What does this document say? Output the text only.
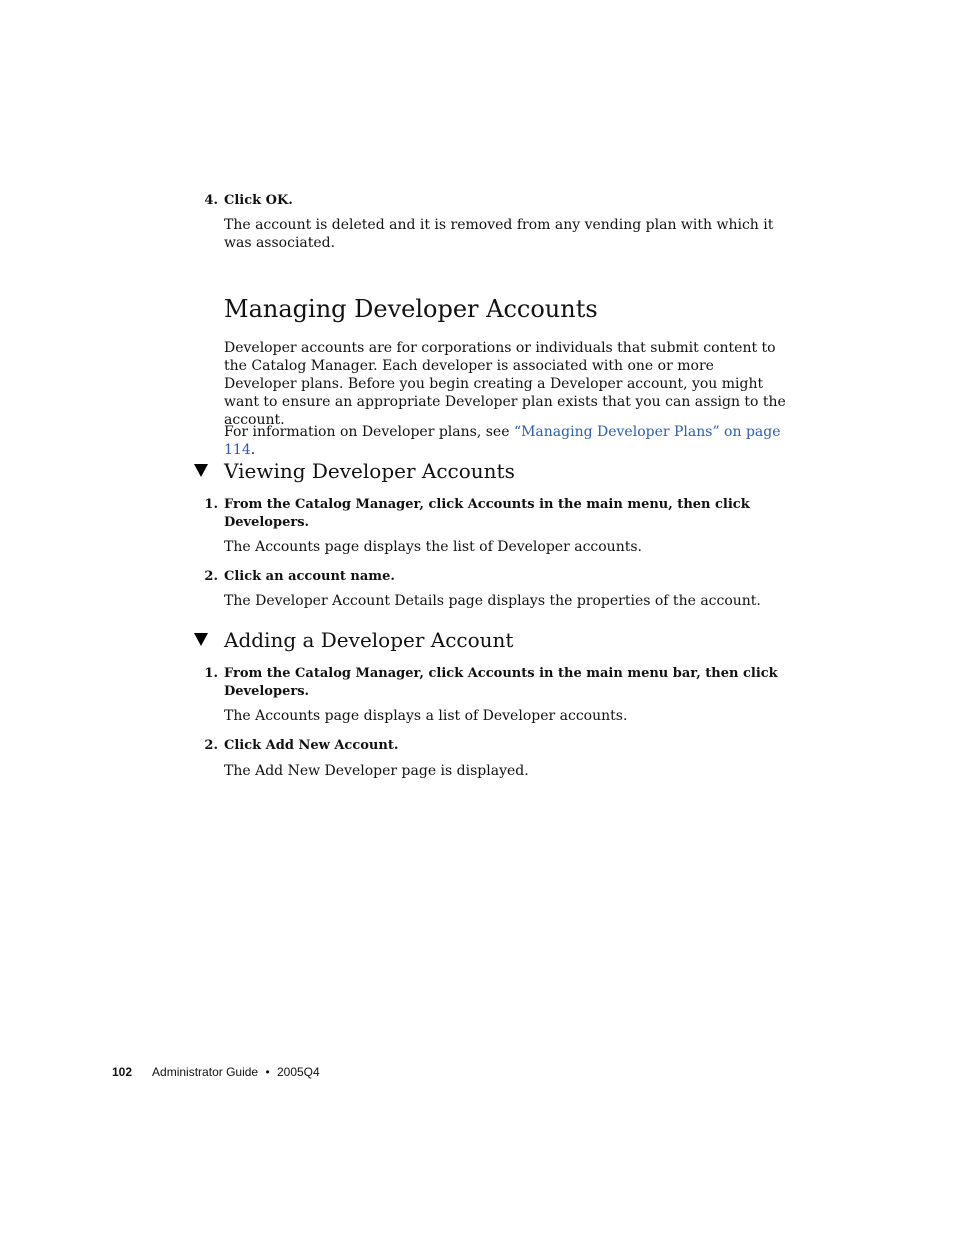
4. Click OK.
The account is deleted and it is removed from any vending plan with which it was associated.
Managing Developer Accounts
Developer accounts are for corporations or individuals that submit content to the Catalog Manager. Each developer is associated with one or more Developer plans. Before you begin creating a Developer account, you might want to ensure an appropriate Developer plan exists that you can assign to the account.
For information on Developer plans, see “Managing Developer Plans” on page 114.
Viewing Developer Accounts
1. From the Catalog Manager, click Accounts in the main menu, then click Developers.
The Accounts page displays the list of Developer accounts.
2. Click an account name.
The Developer Account Details page displays the properties of the account.
Adding a Developer Account
1. From the Catalog Manager, click Accounts in the main menu bar, then click Developers.
The Accounts page displays a list of Developer accounts.
2. Click Add New Account.
The Add New Developer page is displayed.
102 Administrator Guide • 2005Q4
